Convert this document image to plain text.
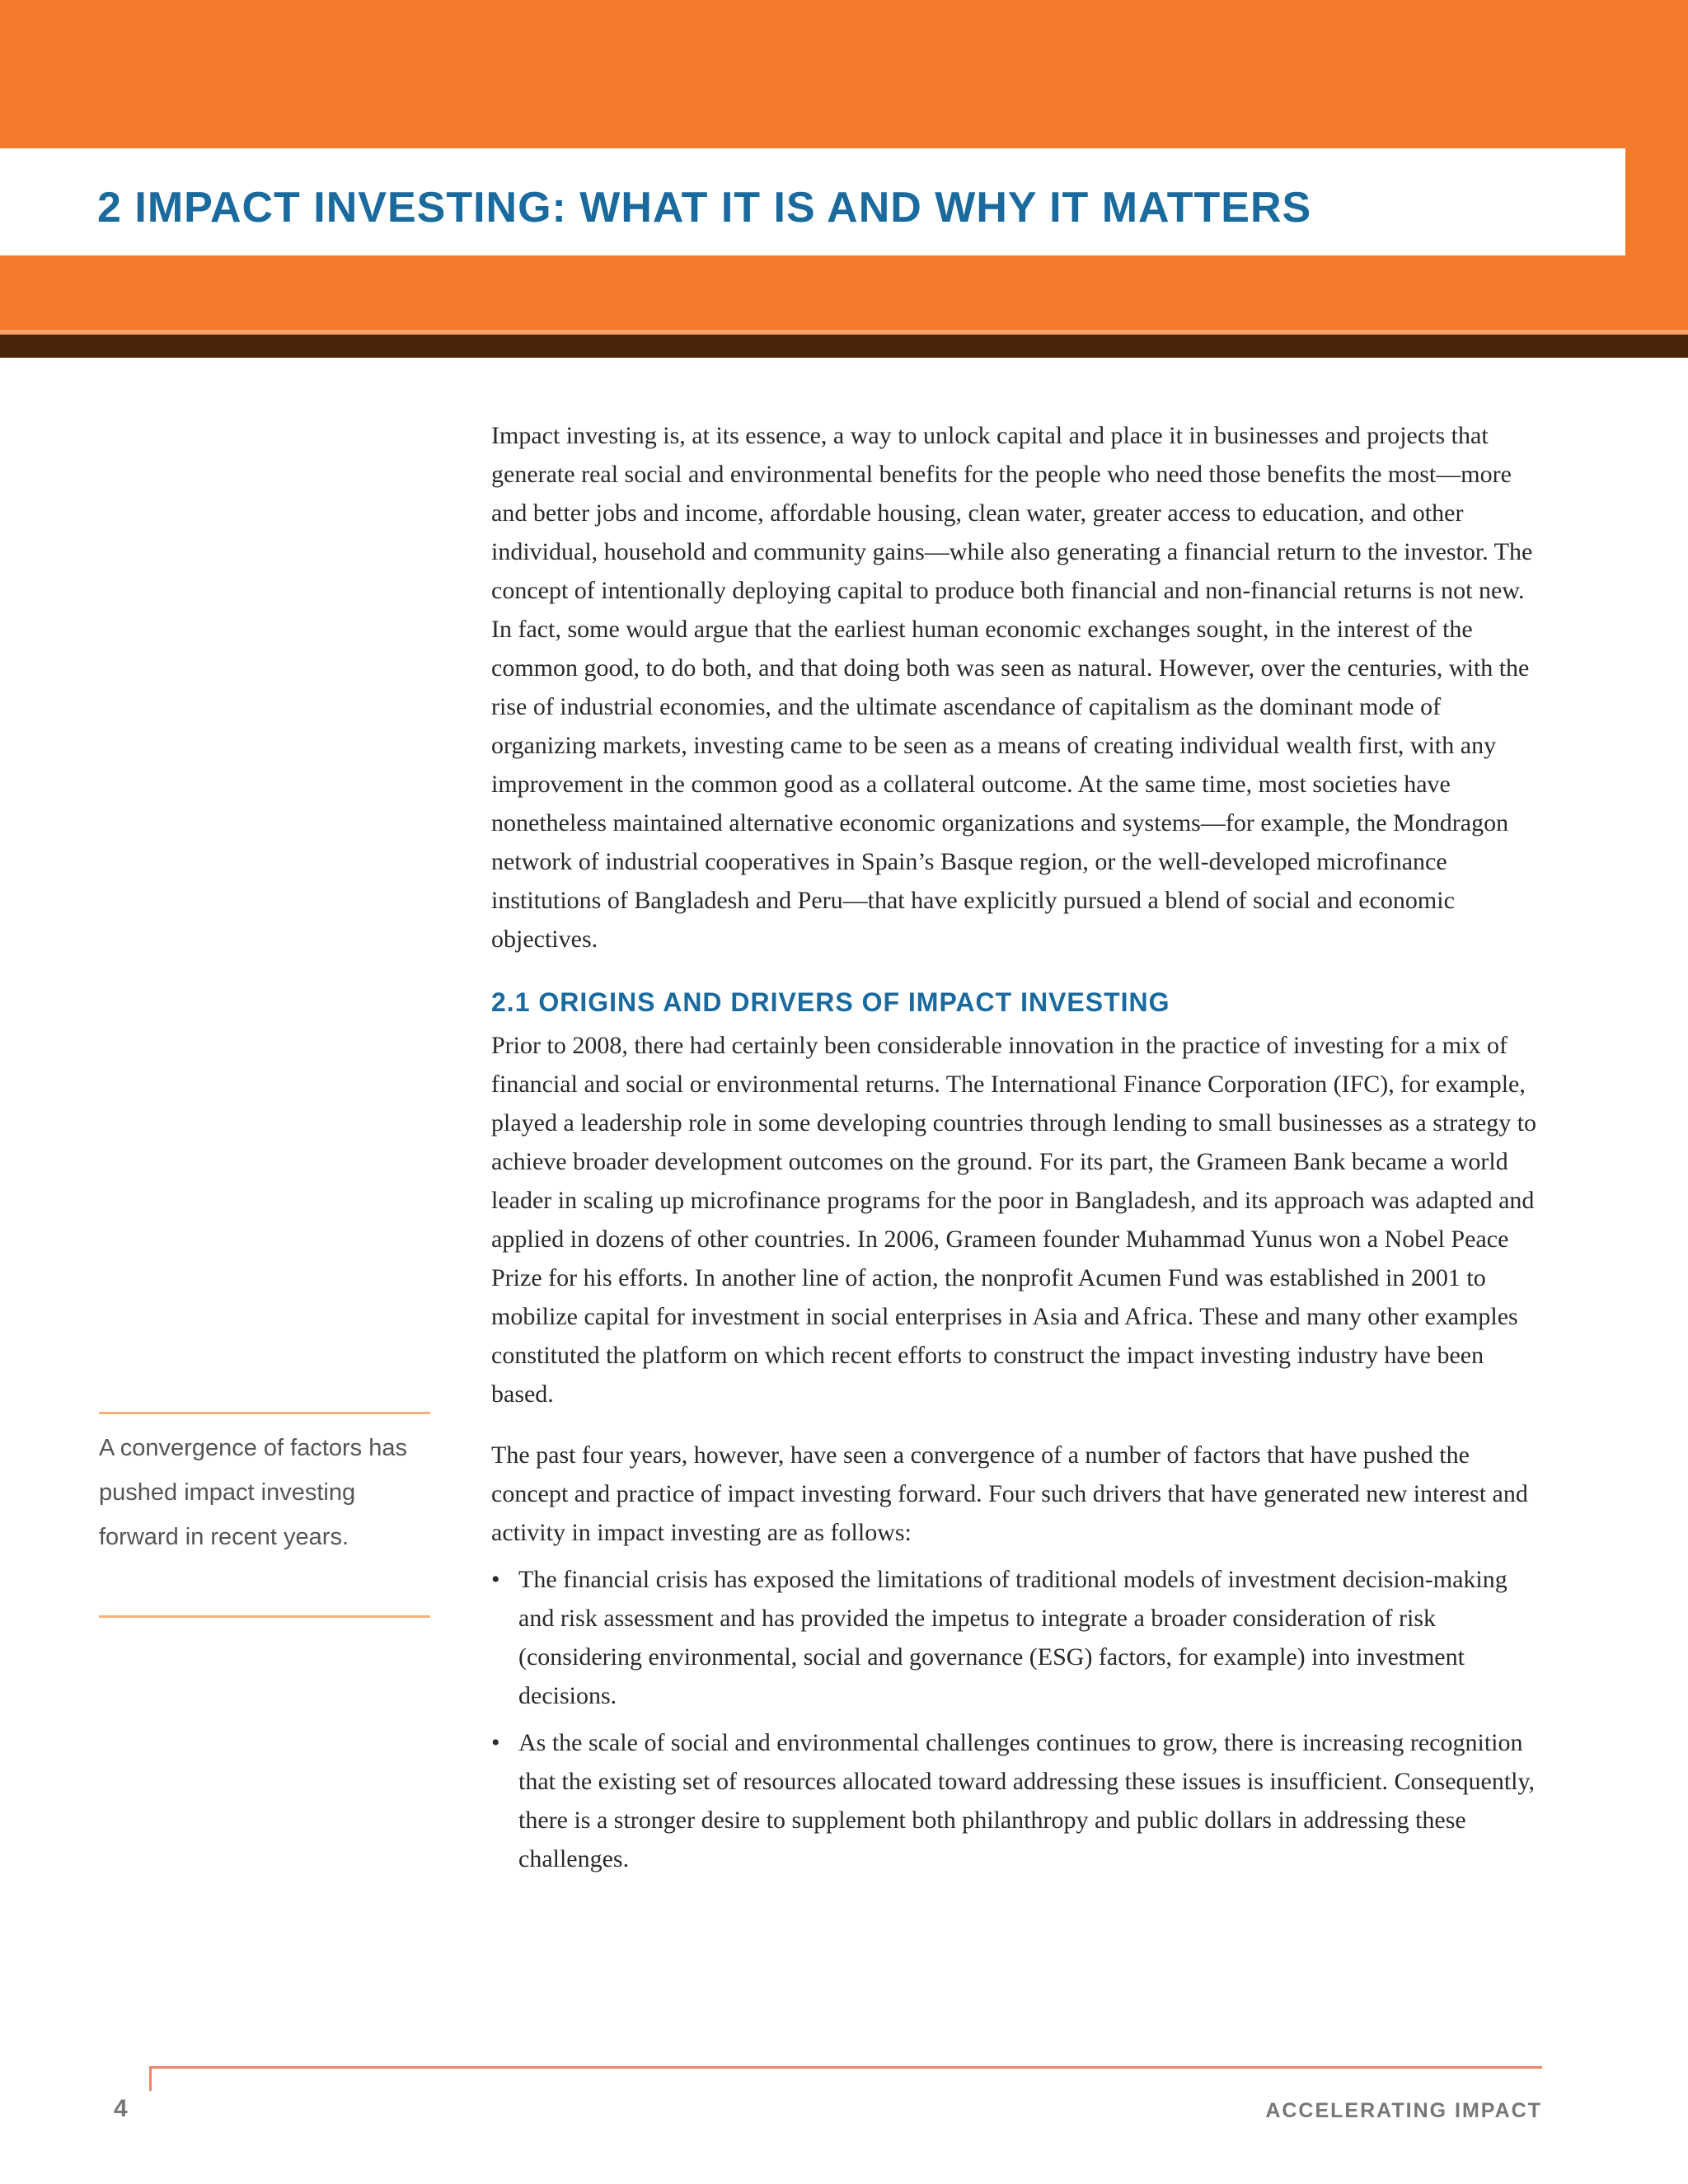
2 IMPACT INVESTING: WHAT IT IS AND WHY IT MATTERS

Impact investing is, at its essence, a way to unlock capital and place it in businesses and projects that generate real social and environmental benefits for the people who need those benefits the most—more and better jobs and income, affordable housing, clean water, greater access to education, and other individual, household and community gains—while also generating a financial return to the investor. The concept of intentionally deploying capital to produce both financial and non-financial returns is not new. In fact, some would argue that the earliest human economic exchanges sought, in the interest of the common good, to do both, and that doing both was seen as natural. However, over the centuries, with the rise of industrial economies, and the ultimate ascendance of capitalism as the dominant mode of organizing markets, investing came to be seen as a means of creating individual wealth first, with any improvement in the common good as a collateral outcome. At the same time, most societies have nonetheless maintained alternative economic organizations and systems—for example, the Mondragon network of industrial cooperatives in Spain’s Basque region, or the well-developed microfinance institutions of Bangladesh and Peru—that have explicitly pursued a blend of social and economic objectives.

2.1 ORIGINS AND DRIVERS OF IMPACT INVESTING

Prior to 2008, there had certainly been considerable innovation in the practice of investing for a mix of financial and social or environmental returns. The International Finance Corporation (IFC), for example, played a leadership role in some developing countries through lending to small businesses as a strategy to achieve broader development outcomes on the ground. For its part, the Grameen Bank became a world leader in scaling up microfinance programs for the poor in Bangladesh, and its approach was adapted and applied in dozens of other countries. In 2006, Grameen founder Muhammad Yunus won a Nobel Peace Prize for his efforts. In another line of action, the nonprofit Acumen Fund was established in 2001 to mobilize capital for investment in social enterprises in Asia and Africa. These and many other examples constituted the platform on which recent efforts to construct the impact investing industry have been based.

The past four years, however, have seen a convergence of a number of factors that have pushed the concept and practice of impact investing forward. Four such drivers that have generated new interest and activity in impact investing are as follows:

• The financial crisis has exposed the limitations of traditional models of investment decision-making and risk assessment and has provided the impetus to integrate a broader consideration of risk (considering environmental, social and governance (ESG) factors, for example) into investment decisions.
• As the scale of social and environmental challenges continues to grow, there is increasing recognition that the existing set of resources allocated toward addressing these issues is insufficient. Consequently, there is a stronger desire to supplement both philanthropy and public dollars in addressing these challenges.

A convergence of factors has pushed impact investing forward in recent years.

4	ACCELERATING IMPACT
